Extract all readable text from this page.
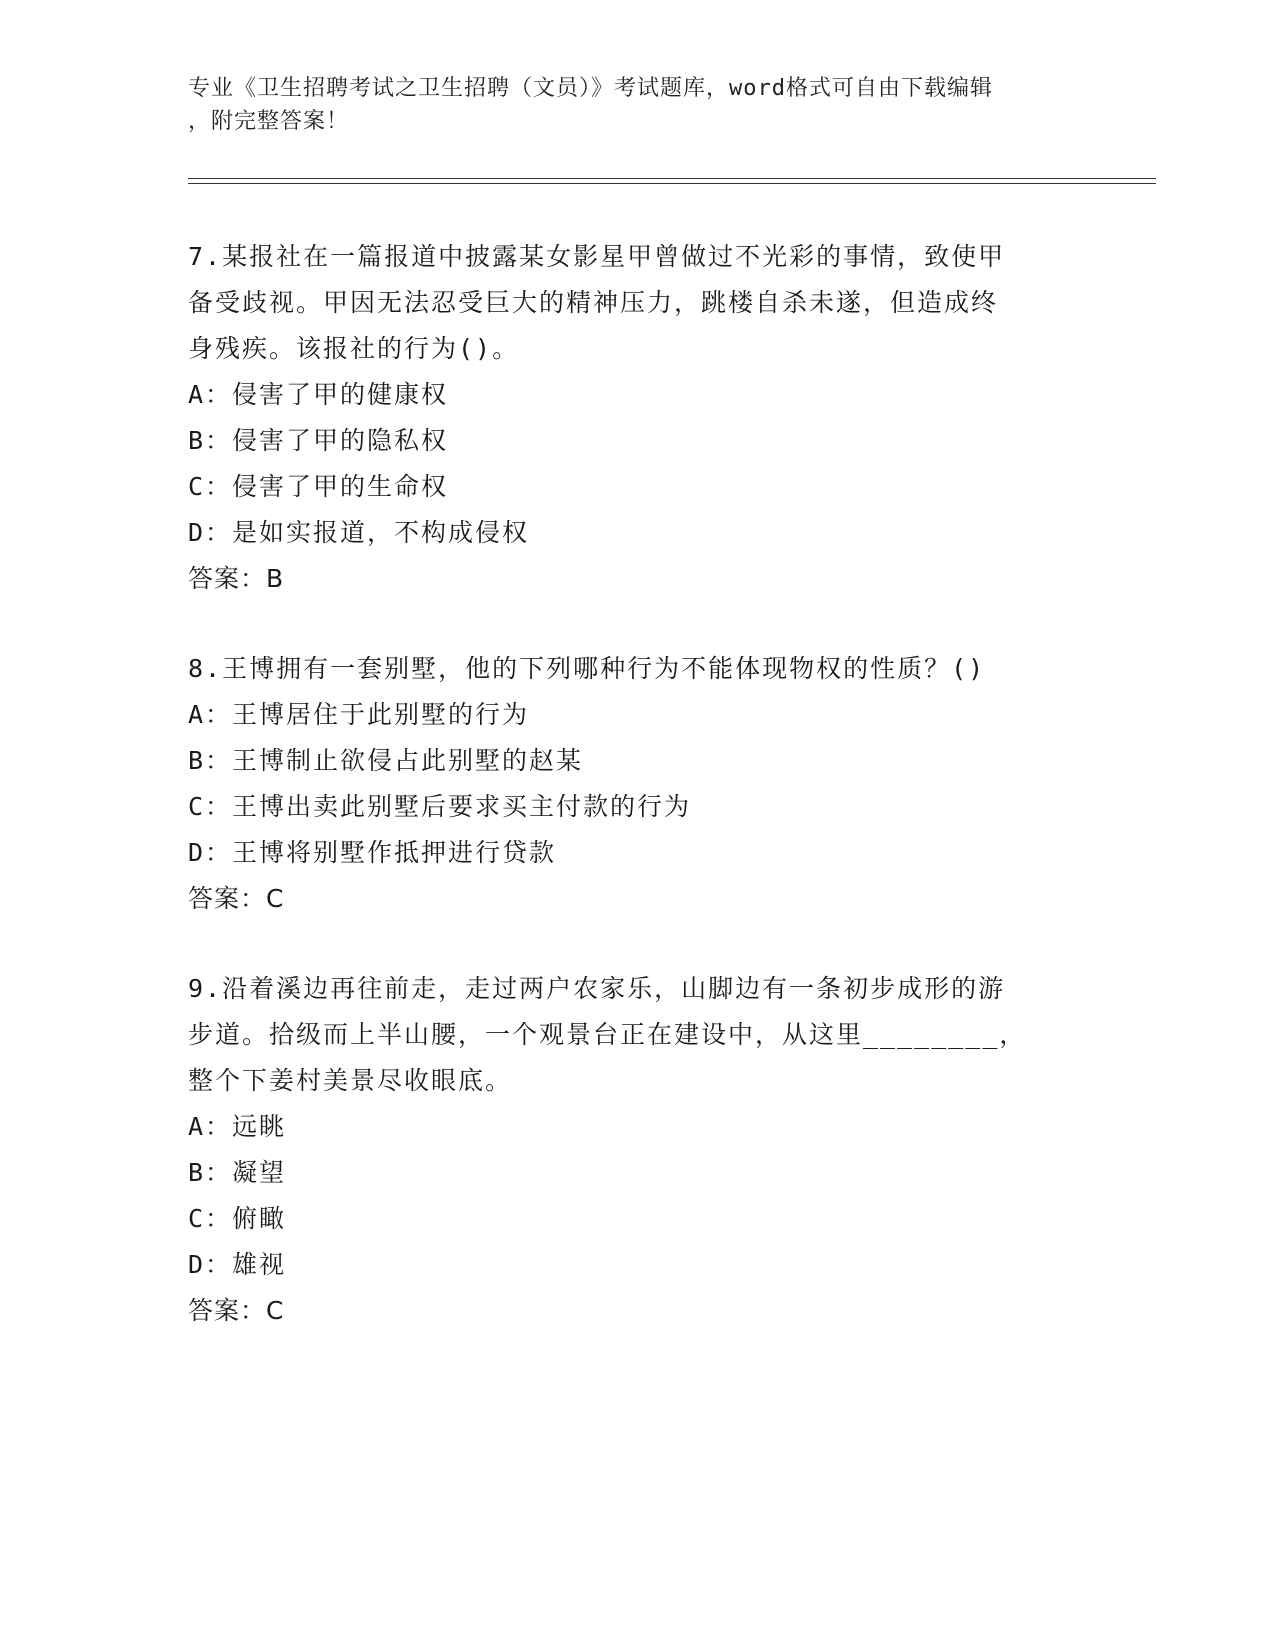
专业《卫生招聘考试之卫生招聘（文员）》考试题库，word格式可自由下载编辑
，附完整答案！

7.某报社在一篇报道中披露某女影星甲曾做过不光彩的事情，致使甲

备受歧视。甲因无法忍受巨大的精神压力，跳楼自杀未遂，但造成终

身残疾。该报社的行为()。

A：侵害了甲的健康权

B：侵害了甲的隐私权

C：侵害了甲的生命权

D：是如实报道，不构成侵权

答案：B

8.王博拥有一套别墅，他的下列哪种行为不能体现物权的性质？()

A：王博居住于此别墅的行为

B：王博制止欲侵占此别墅的赵某

C：王博出卖此别墅后要求买主付款的行为

D：王博将别墅作抵押进行贷款

答案：C

9.沿着溪边再往前走，走过两户农家乐，山脚边有一条初步成形的游

步道。拾级而上半山腰，一个观景台正在建设中，从这里________，

整个下姜村美景尽收眼底。

A：远眺

B：凝望

C：俯瞰

D：雄视

答案：C
